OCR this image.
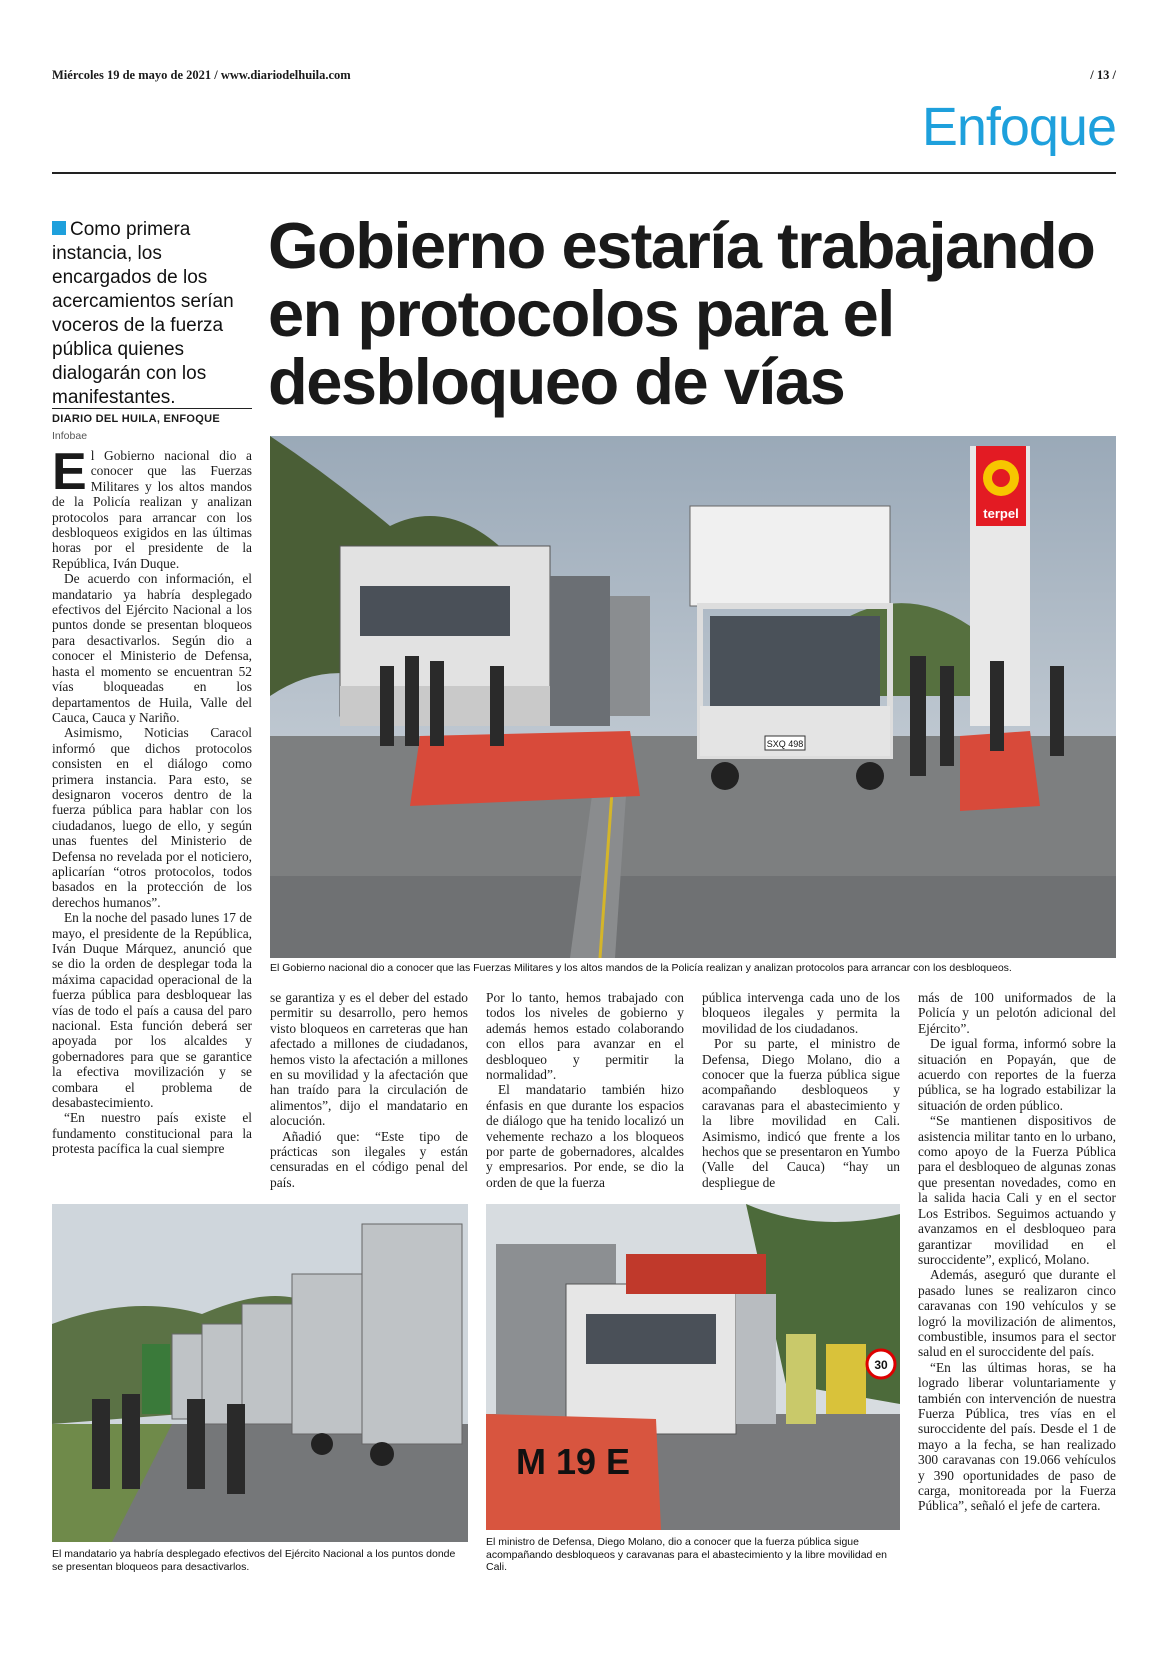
Miércoles 19 de mayo de 2021 / www.diariodelhuila.com	/ 13 /
Enfoque
Como primera instancia, los encargados de los acercamientos serían voceros de la fuerza pública quienes dialogarán con los manifestantes.
Gobierno estaría trabajando en protocolos para el desbloqueo de vías
DIARIO DEL HUILA, ENFOQUE
Infobae

El Gobierno nacional dio a conocer que las Fuerzas Militares y los altos mandos de la Policía realizan y analizan protocolos para arrancar con los desbloqueos exigidos en las últimas horas por el presidente de la República, Iván Duque.

De acuerdo con información, el mandatario ya habría desplegado efectivos del Ejército Nacional a los puntos donde se presentan bloqueos para desactivarlos. Según dio a conocer el Ministerio de Defensa, hasta el momento se encuentran 52 vías bloqueadas en los departamentos de Huila, Valle del Cauca, Cauca y Nariño.

Asimismo, Noticias Caracol informó que dichos protocolos consisten en el diálogo como primera instancia. Para esto, se designaron voceros dentro de la fuerza pública para hablar con los ciudadanos, luego de ello, y según unas fuentes del Ministerio de Defensa no revelada por el noticiero, aplicarían “otros protocolos, todos basados en la protección de los derechos humanos”.

En la noche del pasado lunes 17 de mayo, el presidente de la República, Iván Duque Márquez, anunció que se dio la orden de desplegar toda la máxima capacidad operacional de la fuerza pública para desbloquear las vías de todo el país a causa del paro nacional. Esta función deberá ser apoyada por los alcaldes y gobernadores para que se garantice la efectiva movilización y se combara el problema de desabastecimiento.

“En nuestro país existe el fundamento constitucional para la protesta pacífica la cual siempre

SXQ 498
terpel
El Gobierno nacional dio a conocer que las Fuerzas Militares y los altos mandos de la Policía realizan y analizan protocolos para arrancar con los desbloqueos.

se garantiza y es el deber del estado permitir su desarrollo, pero hemos visto bloqueos en carreteras que han afectado a millones de ciudadanos, hemos visto la afectación a millones en su movilidad y la afectación que han traído para la circulación de alimentos”, dijo el mandatario en alocución.

Añadió que: “Este tipo de prácticas son ilegales y están censuradas en el código penal del país.

Por lo tanto, hemos trabajado con todos los niveles de gobierno y además hemos estado colaborando con ellos para avanzar en el desbloqueo y permitir la normalidad”.

El mandatario también hizo énfasis en que durante los espacios de diálogo que ha tenido localizó un vehemente rechazo a los bloqueos por parte de gobernadores, alcaldes y empresarios. Por ende, se dio la orden de que la fuerza

pública intervenga cada uno de los bloqueos ilegales y permita la movilidad de los ciudadanos.

Por su parte, el ministro de Defensa, Diego Molano, dio a conocer que la fuerza pública sigue acompañando desbloqueos y caravanas para el abastecimiento y la libre movilidad en Cali. Asimismo, indicó que frente a los hechos que se presentaron en Yumbo (Valle del Cauca) “hay un despliegue de

más de 100 uniformados de la Policía y un pelotón adicional del Ejército”.

De igual forma, informó sobre la situación en Popayán, que de acuerdo con reportes de la fuerza pública, se ha logrado estabilizar la situación de orden público.

“Se mantienen dispositivos de asistencia militar tanto en lo urbano, como apoyo de la Fuerza Pública para el desbloqueo de algunas zonas que presentan novedades, como en la salida hacia Cali y en el sector Los Estribos. Seguimos actuando y avanzamos en el desbloqueo para garantizar movilidad en el suroccidente”, explicó, Molano.

Además, aseguró que durante el pasado lunes se realizaron cinco caravanas con 190 vehículos y se logró la movilización de alimentos, combustible, insumos para el sector salud en el suroccidente del país.

“En las últimas horas, se ha logrado liberar voluntariamente y también con intervención de nuestra Fuerza Pública, tres vías en el suroccidente del país. Desde el 1 de mayo a la fecha, se han realizado 300 caravanas con 19.066 vehículos y 390 oportunidades de paso de carga, monitoreada por la Fuerza Pública”, señaló el jefe de cartera.

El mandatario ya habría desplegado efectivos del Ejército Nacional a los puntos donde se presentan bloqueos para desactivarlos.
30
M 19 E
El ministro de Defensa, Diego Molano, dio a conocer que la fuerza pública sigue acompañando desbloqueos y caravanas para el abastecimiento y la libre movilidad en Cali.
